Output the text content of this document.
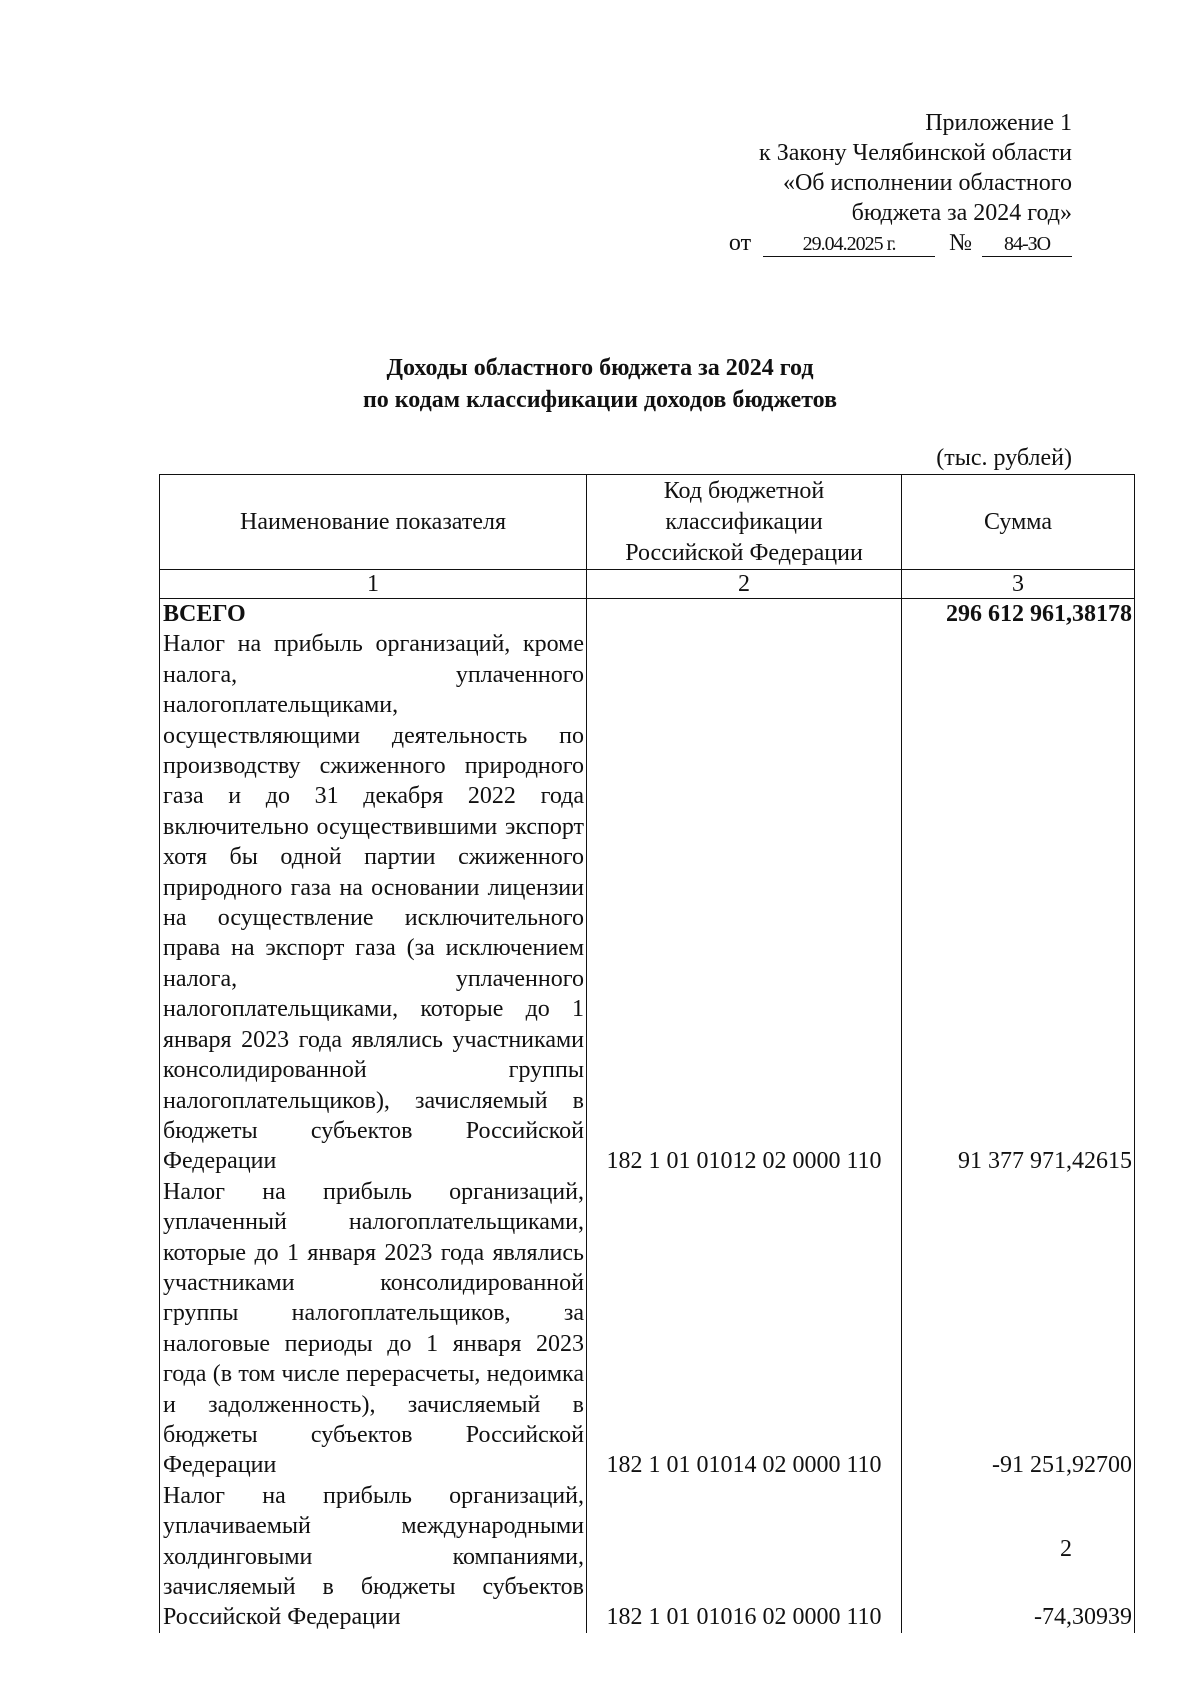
Приложение 1
к Закону Челябинской области
«Об исполнении областного
бюджета за 2024 год»
от	29.04.2025 г. № 84-ЗО
Доходы областного бюджета за 2024 год
по кодам классификации доходов бюджетов
(тыс. рублей)
Наименование показателя	Код бюджетной классификации Российской Федерации	Сумма
1	2	3
ВСЕГО		296 612 961,38178
Налог на прибыль организаций, кроме налога, уплаченного налогоплательщиками, осуществляющими деятельность по производству сжиженного природного газа и до 31 декабря 2022 года включительно осуществившими экспорт хотя бы одной партии сжиженного природного газа на основании лицензии на осуществление исключительного права на экспорт газа (за исключением налога, уплаченного налогоплательщиками, которые до 1 января 2023 года являлись участниками консолидированной группы налогоплательщиков), зачисляемый в бюджеты субъектов Российской Федерации	182 1 01 01012 02 0000 110	91 377 971,42615
Налог на прибыль организаций, уплаченный налогоплательщиками, которые до 1 января 2023 года являлись участниками консолидированной группы налогоплательщиков, за налоговые периоды до 1 января 2023 года (в том числе перерасчеты, недоимка и задолженность), зачисляемый в бюджеты субъектов Российской Федерации	182 1 01 01014 02 0000 110	-91 251,92700
Налог на прибыль организаций, уплачиваемый международными холдинговыми компаниями, зачисляемый в бюджеты субъектов Российской Федерации	182 1 01 01016 02 0000 110	-74,30939
2
